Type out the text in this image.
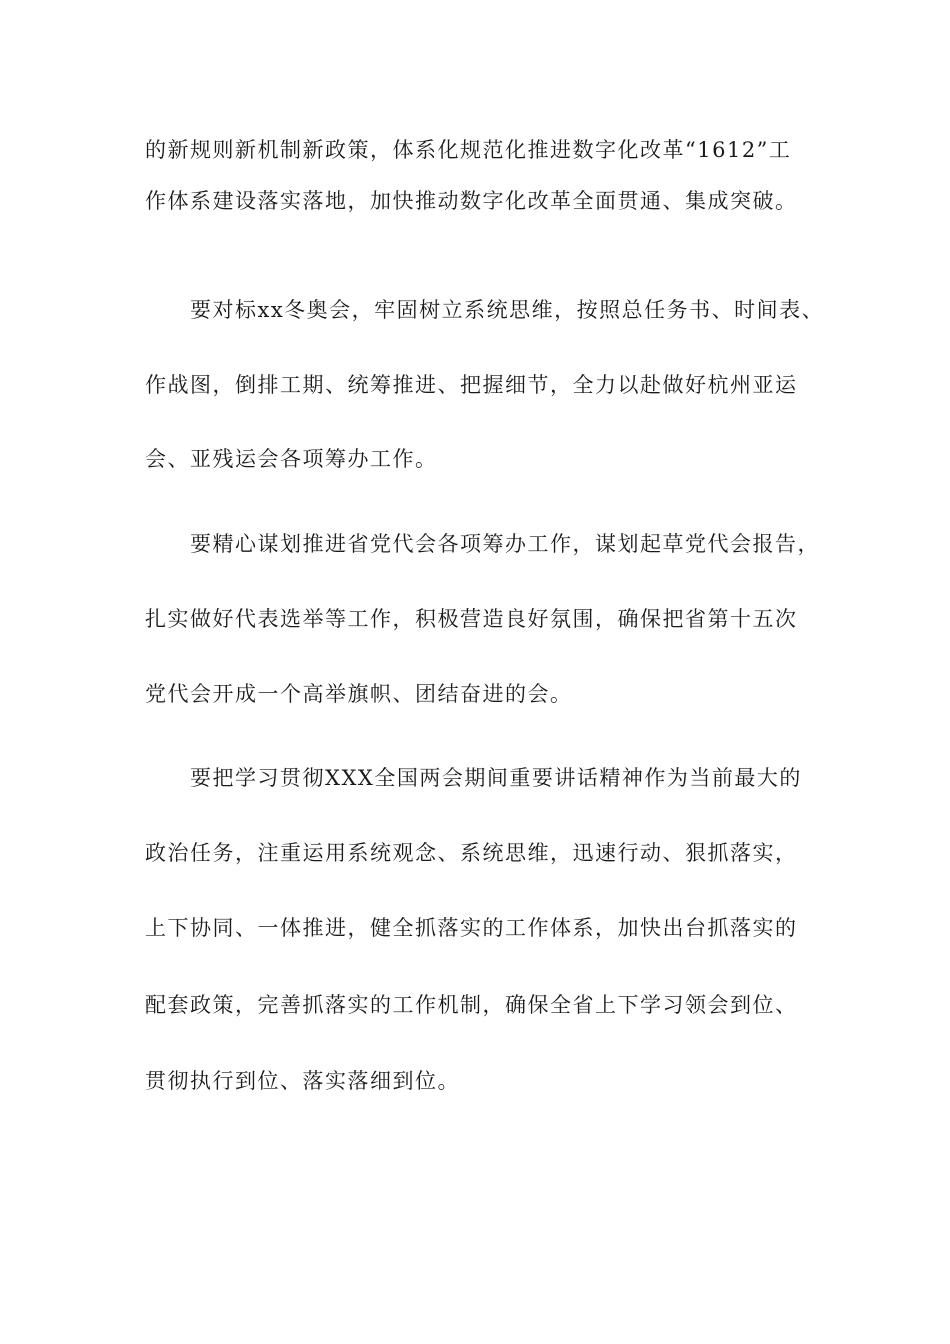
的新规则新机制新政策，体系化规范化推进数字化改革“1612”工
作体系建设落实落地，加快推动数字化改革全面贯通、集成突破。
要对标xx冬奥会，牢固树立系统思维，按照总任务书、时间表、
作战图，倒排工期、统筹推进、把握细节，全力以赴做好杭州亚运
会、亚残运会各项筹办工作。
要精心谋划推进省党代会各项筹办工作，谋划起草党代会报告，
扎实做好代表选举等工作，积极营造良好氛围，确保把省第十五次
党代会开成一个高举旗帜、团结奋进的会。
要把学习贯彻XXX全国两会期间重要讲话精神作为当前最大的
政治任务，注重运用系统观念、系统思维，迅速行动、狠抓落实，
上下协同、一体推进，健全抓落实的工作体系，加快出台抓落实的
配套政策，完善抓落实的工作机制，确保全省上下学习领会到位、
贯彻执行到位、落实落细到位。
